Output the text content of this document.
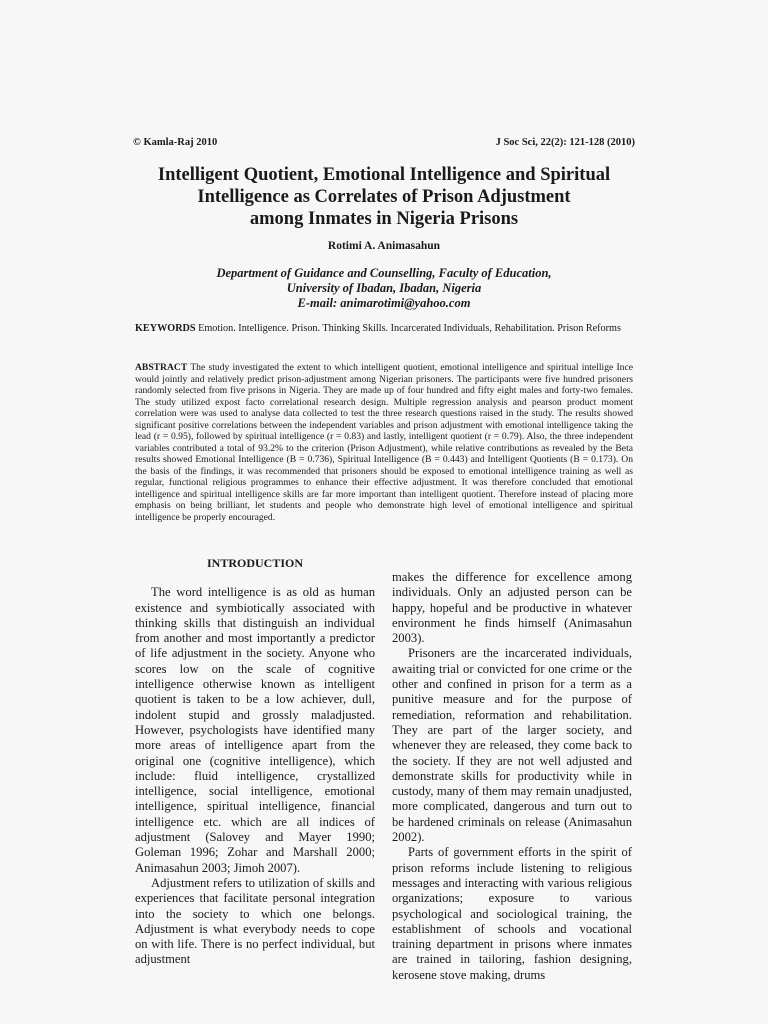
© Kamla-Raj 2010	J Soc Sci, 22(2): 121-128 (2010)
Intelligent Quotient, Emotional Intelligence and Spiritual
Intelligence as Correlates of Prison Adjustment
among Inmates in Nigeria Prisons
Rotimi A. Animasahun
Department of Guidance and Counselling, Faculty of Education,
University of Ibadan, Ibadan, Nigeria
E-mail: animarotimi@yahoo.com
KEYWORDS Emotion. Intelligence. Prison. Thinking Skills. Incarcerated Individuals, Rehabilitation. Prison Reforms
ABSTRACT The study investigated the extent to which intelligent quotient, emotional intelligence and spiritual intellige Ince would jointly and relatively predict prison-adjustment among Nigerian prisoners. The participants were five hundred prisoners randomly selected from five prisons in Nigeria. They are made up of four hundred and fifty eight males and forty-two females. The study utilized expost facto correlational research design. Multiple regression analysis and pearson product moment correlation were was used to analyse data collected to test the three research questions raised in the study. The results showed significant positive correlations between the independent variables and prison adjustment with emotional intelligence taking the lead (r = 0.95), followed by spiritual intelligence (r = 0.83) and lastly, intelligent quotient (r = 0.79). Also, the three independent variables contributed a total of 93.2% to the criterion (Prison Adjustment), while relative contributions as revealed by the Beta results showed Emotional Intelligence (B = 0.736), Spiritual Intelligence (B = 0.443) and Intelligent Quotients (B = 0.173). On the basis of the findings, it was recommended that prisoners should be exposed to emotional intelligence training as well as regular, functional religious programmes to enhance their effective adjustment. It was therefore concluded that emotional intelligence and spiritual intelligence skills are far more important than intelligent quotient. Therefore instead of placing more emphasis on being brilliant, let students and people who demonstrate high level of emotional intelligence and spiritual intelligence be properly encouraged.
INTRODUCTION

The word intelligence is as old as human existence and symbiotically associated with thinking skills that distinguish an individual from another and most importantly a predictor of life adjustment in the society. Anyone who scores low on the scale of cognitive intelligence otherwise known as intelligent quotient is taken to be a low achiever, dull, indolent stupid and grossly maladjusted. However, psychologists have identified many more areas of intelligence apart from the original one (cognitive intelligence), which include: fluid intelligence, crystallized intelligence, social intelligence, emotional intelligence, spiritual intelligence, financial intelligence etc. which are all indices of adjustment (Salovey and Mayer 1990; Goleman 1996; Zohar and Marshall 2000; Animasahun 2003; Jimoh 2007).

Adjustment refers to utilization of skills and experiences that facilitate personal integration into the society to which one belongs. Adjustment is what everybody needs to cope on with life. There is no perfect individual, but adjustment

makes the difference for excellence among individuals. Only an adjusted person can be happy, hopeful and be productive in whatever environment he finds himself (Animasahun 2003).

Prisoners are the incarcerated individuals, awaiting trial or convicted for one crime or the other and confined in prison for a term as a punitive measure and for the purpose of remediation, reformation and rehabilitation. They are part of the larger society, and whenever they are released, they come back to the society. If they are not well adjusted and demonstrate skills for productivity while in custody, many of them may remain unadjusted, more complicated, dangerous and turn out to be hardened criminals on release (Animasahun 2002).

Parts of government efforts in the spirit of prison reforms include listening to religious messages and interacting with various religious organizations; exposure to various psychological and sociological training, the establishment of schools and vocational training department in prisons where inmates are trained in tailoring, fashion designing, kerosene stove making, drums
